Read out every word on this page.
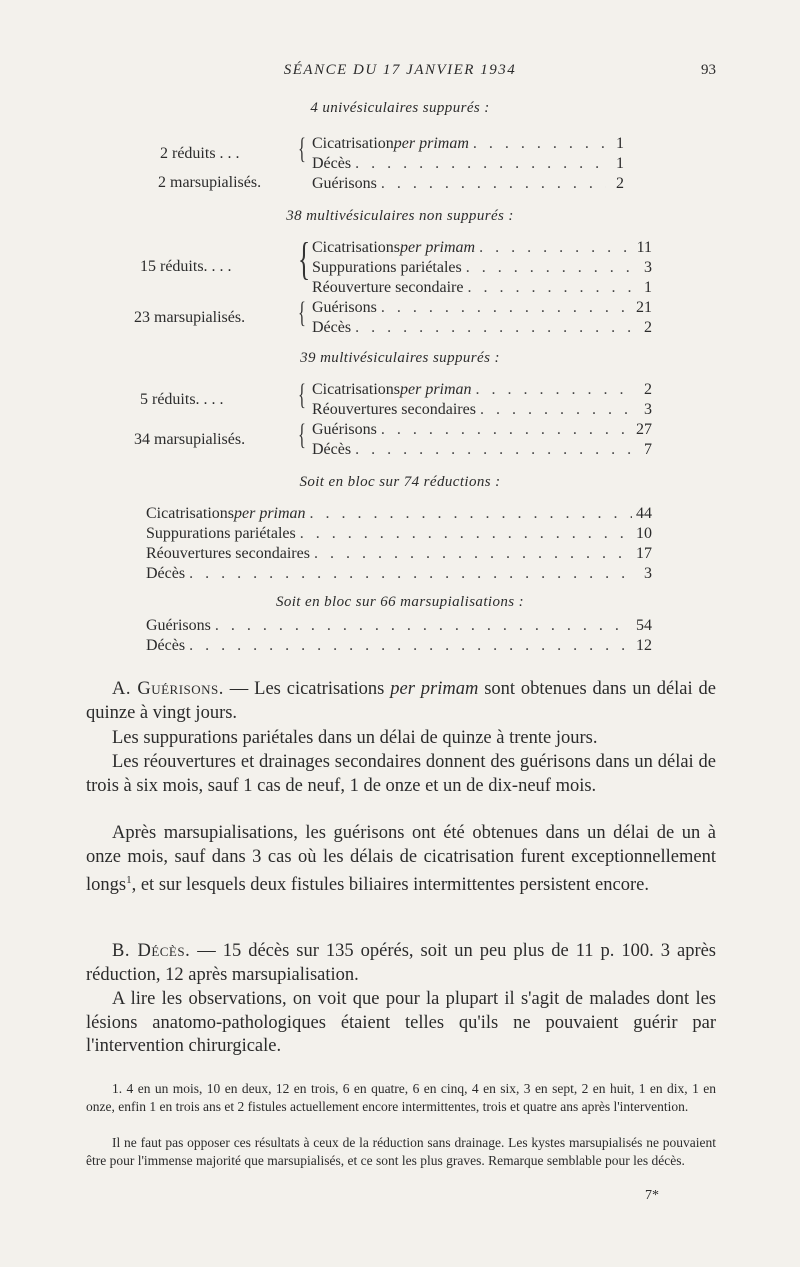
SÉANCE DU 17 JANVIER 1934	93
4 univésiculaires suppurés :
2 réduits . . . { Cicatrisation per primam . . .	1
Décès . . .	1
2 marsupialisés.	Guérisons . . .	2
38 multivésiculaires non suppurés :
15 réduits. . . . { Cicatrisations per primam . . .	11
Suppurations pariétales . . .	3
Réouverture secondaire . . .	1
23 marsupialisés. { Guérisons . . .	21
Décès . . .	2
39 multivésiculaires suppurés :
5 réduits. . . . { Cicatrisations per priman . . .	2
Réouvertures secondaires . . .	3
34 marsupialisés. { Guérisons . . .	27
Décès . . .	7
Soit en bloc sur 74 réductions :
Cicatrisations per priman . . .	44
Suppurations pariétales . . .	10
Réouvertures secondaires . . .	17
Décès . . .	3
Soit en bloc sur 66 marsupialisations :
Guérisons . . .	54
Décès . . .	12

A. Guérisons. — Les cicatrisations per primam sont obtenues dans un délai de quinze à vingt jours.

Les suppurations pariétales dans un délai de quinze à trente jours.

Les réouvertures et drainages secondaires donnent des guérisons dans un délai de trois à six mois, sauf 1 cas de neuf, 1 de onze et un de dix-neuf mois.

Après marsupialisations, les guérisons ont été obtenues dans un délai de un à onze mois, sauf dans 3 cas où les délais de cicatrisation furent exceptionnellement longs$^1$, et sur lesquels deux fistules biliaires intermittentes persistent encore.

B. Décès. — 15 décès sur 135 opérés, soit un peu plus de 11 p. 100. 3 après réduction, 12 après marsupialisation.

A lire les observations, on voit que pour la plupart il s'agit de malades dont les lésions anatomo-pathologiques étaient telles qu'ils ne pouvaient guérir par l'intervention chirurgicale.

1. 4 en un mois, 10 en deux, 12 en trois, 6 en quatre, 6 en cinq, 4 en six, 3 en sept, 2 en huit, 1 en dix, 1 en onze, enfin 1 en trois ans et 2 fistules actuellement encore intermittentes, trois et quatre ans après l'intervention.

Il ne faut pas opposer ces résultats à ceux de la réduction sans drainage. Les kystes marsupialisés ne pouvaient être pour l'immense majorité que marsupialisés, et ce sont les plus graves. Remarque semblable pour les décès.

7*
